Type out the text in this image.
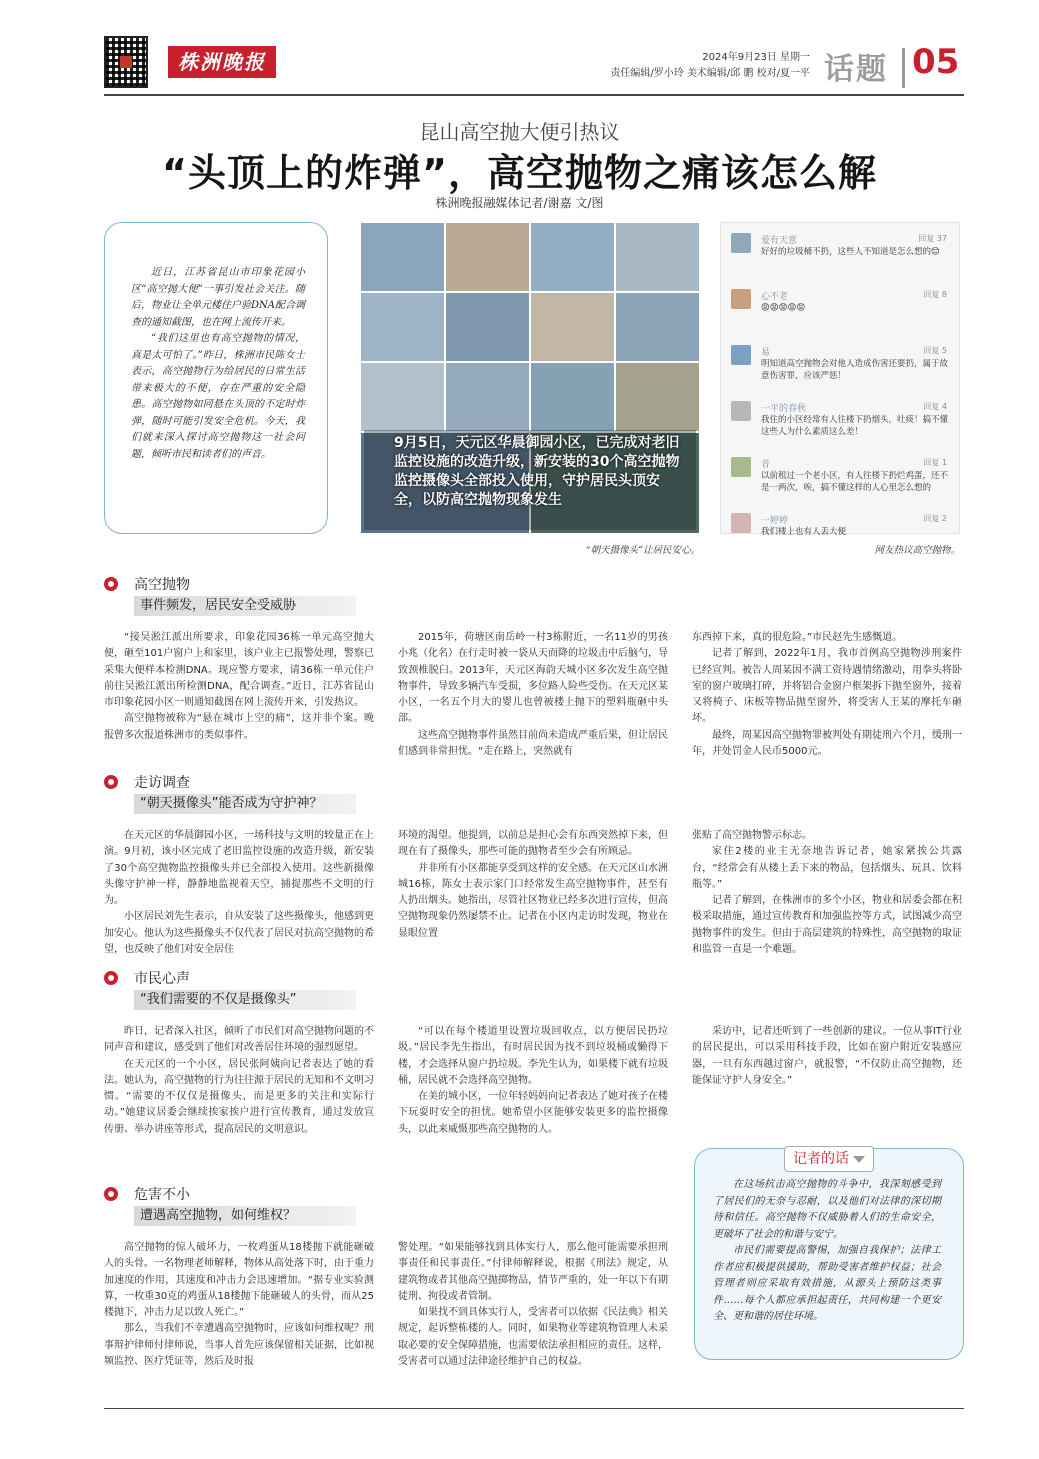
株洲晚报	2024年9月23日 星期一
责任编辑/罗小玲 美术编辑/邱 鹏 校对/夏一平 话题 05
昆山高空抛大便引热议
“头顶上的炸弹”，高空抛物之痛该怎么解
株洲晚报融媒体记者/谢嘉 文/图

近日，江苏省昆山市印象花园小区“高空抛大便”一事引发社会关注。随后，物业让全单元楼住户验DNA配合调查的通知截图，也在网上流传开来。

“我们这里也有高空抛物的情况，真是太可怕了。”昨日，株洲市民陈女士表示，高空抛物行为给居民的日常生活带来极大的不便，存在严重的安全隐患。高空抛物如同悬在头顶的不定时炸弹，随时可能引发安全危机。今天，我们就来深入探讨高空抛物这一社会问题，倾听市民和读者们的声音。

9月5日，天元区华晨御园小区，已完成对老旧监控设施的改造升级，新安装的30个高空抛物监控摄像头全部投入使用，守护居民头顶安全，以防高空抛物现象发生
“朝天摄像头”让居民安心。
爱有天意	回复 37
好好的垃圾桶不扔，这些人不知道是怎么想的😊
心不老	回复 8
😡😡😡😡😡
易	回复 5
明知道高空抛物会对他人造成伤害还要扔，属于故意伤害罪，应该严惩！
一平的春秋	回复 4
我住的小区经常有人往楼下扔烟头，吐痰！搞不懂这些人为什么素质这么差！
昔	回复 1
以前租过一个老小区，有人往楼下扔烂鸡蛋，还不是一两次，唉，搞不懂这样的人心里怎么想的
一婷婷	回复 2
我们楼上也有人丢大便
网友热议高空抛物。
高空抛物
事件频发，居民安全受威胁

“接吴淞江派出所要求，印象花园36栋一单元高空抛大便，砸至101户窗户上和家里，该户业主已报警处理，警察已采集大便样本检测DNA。现应警方要求，请36栋一单元住户前往吴淞江派出所检测DNA，配合调查。”近日，江苏省昆山市印象花园小区一则通知截图在网上流传开来，引发热议。

高空抛物被称为“悬在城市上空的痛”，这并非个案。晚报曾多次报道株洲市的类似事件。

2015年，荷塘区南岳岭一村3栋附近，一名11岁的男孩小兆（化名）在行走时被一袋从天而降的垃圾击中后脑勺，导致颈椎脱臼。2013年，天元区海韵天城小区多次发生高空抛物事件，导致多辆汽车受损，多位路人险些受伤。在天元区某小区，一名五个月大的婴儿也曾被楼上抛下的塑料瓶砸中头部。

这些高空抛物事件虽然目前尚未造成严重后果，但让居民们感到非常担忧。“走在路上，突然就有

东西掉下来，真的很危险。”市民赵先生感慨道。

记者了解到，2022年1月，我市首例高空抛物涉刑案件已经宣判。被告人周某因不满工资待遇情绪激动，用拳头将卧室的窗户玻璃打碎，并将铝合金窗户框架拆下抛至窗外，接着又将椅子、床板等物品抛至窗外，将受害人王某的摩托车砸坏。

最终，周某因高空抛物罪被判处有期徒刑六个月，缓刑一年，并处罚金人民币5000元。

走访调查
“朝天摄像头”能否成为守护神？

在天元区的华晨御园小区，一场科技与文明的较量正在上演。9月初，该小区完成了老旧监控设施的改造升级，新安装了30个高空抛物监控摄像头并已全部投入使用。这些新摄像头像守护神一样，静静地监视着天空，捕捉那些不文明的行为。

小区居民刘先生表示，自从安装了这些摄像头，他感到更加安心。他认为这些摄像头不仅代表了居民对抗高空抛物的希望，也反映了他们对安全居住

环境的渴望。他提到，以前总是担心会有东西突然掉下来，但现在有了摄像头，那些可能的抛物者至少会有所顾忌。

并非所有小区都能享受到这样的安全感。在天元区山水洲城16栋，陈女士表示家门口经常发生高空抛物事件，甚至有人扔出烟头。她指出，尽管社区物业已经多次进行宣传，但高空抛物现象仍然屡禁不止。记者在小区内走访时发现，物业在显眼位置

张贴了高空抛物警示标志。

家住2楼的业主无奈地告诉记者，她家紧挨公共露台，“经常会有从楼上丢下来的物品，包括烟头、玩具、饮料瓶等。”

记者了解到，在株洲市的多个小区，物业和居委会都在积极采取措施，通过宣传教育和加强监控等方式，试图减少高空抛物事件的发生。但由于高层建筑的特殊性，高空抛物的取证和监管一直是一个难题。

市民心声
“我们需要的不仅是摄像头”

昨日，记者深入社区，倾听了市民们对高空抛物问题的不同声音和建议，感受到了他们对改善居住环境的强烈愿望。

在天元区的一个小区，居民张阿姨向记者表达了她的看法。她认为，高空抛物的行为往往源于居民的无知和不文明习惯。“需要的不仅仅是摄像头，而是更多的关注和实际行动。”她建议居委会继续挨家挨户进行宣传教育，通过发放宣传册、举办讲座等形式，提高居民的文明意识。

“可以在每个楼道里设置垃圾回收点，以方便居民扔垃圾。”居民李先生指出，有时居民因为找不到垃圾桶或懒得下楼，才会选择从窗户扔垃圾。李先生认为，如果楼下就有垃圾桶，居民就不会选择高空抛物。

在美的城小区，一位年轻妈妈向记者表达了她对孩子在楼下玩耍时安全的担忧。她希望小区能够安装更多的监控摄像头，以此来威慑那些高空抛物的人。

采访中，记者还听到了一些创新的建议。一位从事IT行业的居民提出，可以采用科技手段，比如在窗户附近安装感应器，一旦有东西越过窗户，就报警，“不仅防止高空抛物，还能保证守护人身安全。”

危害不小
遭遇高空抛物，如何维权？

高空抛物的惊人破坏力，一枚鸡蛋从18楼抛下就能砸破人的头骨。一名物理老师解释，物体从高处落下时，由于重力加速度的作用，其速度和冲击力会迅速增加。“据专业实验测算，一枚重30克的鸡蛋从18楼抛下能砸破人的头骨，而从25楼抛下，冲击力足以致人死亡。”

那么，当我们不幸遭遇高空抛物时，应该如何维权呢？刑事辩护律师付律师说，当事人首先应该保留相关证据，比如视频监控、医疗凭证等，然后及时报

警处理。“如果能够找到具体实行人，那么他可能需要承担刑事责任和民事责任。”付律师解释说，根据《刑法》规定，从建筑物或者其他高空抛掷物品，情节严重的，处一年以下有期徒刑、拘役或者管制。

如果找不到具体实行人，受害者可以依据《民法典》相关规定，起诉整栋楼的人。同时，如果物业等建筑物管理人未采取必要的安全保障措施，也需要依法承担相应的责任。这样，受害者可以通过法律途径维护自己的权益。

在这场抗击高空抛物的斗争中，我深刻感受到了居民们的无奈与忍耐，以及他们对法律的深切期待和信任。高空抛物不仅威胁着人们的生命安全，更破坏了社会的和谐与安宁。

市民们需要提高警惕，加强自我保护；法律工作者应积极提供援助，帮助受害者维护权益；社会管理者则应采取有效措施，从源头上预防这类事件……每个人都应承担起责任，共同构建一个更安全、更和谐的居住环境。

记者的话
